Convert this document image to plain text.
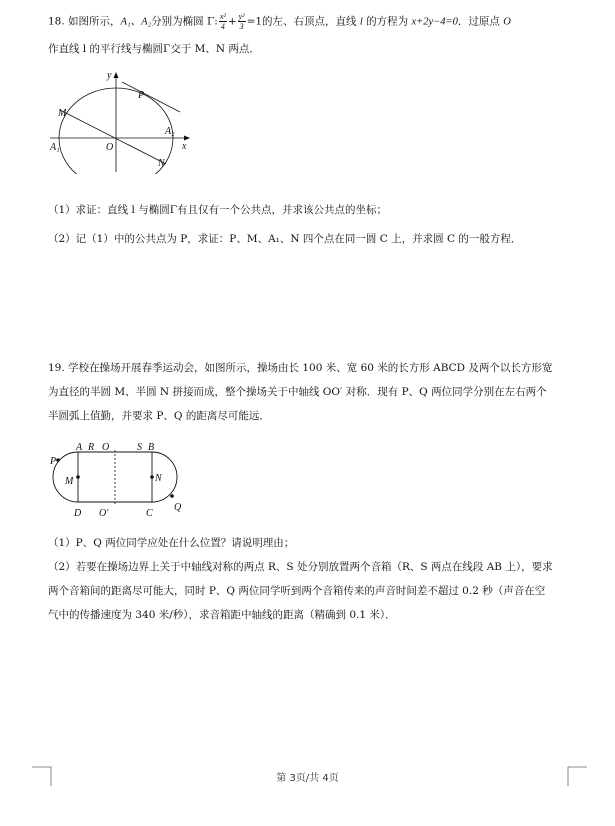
18. 如图所示，A₁、A₂分别为椭圆 Γ: $\frac{\text{x²}}{4} + \frac{\text{y²}}{3} =1$的左、右顶点，直线 l 的方程为 x+2y−4=0．过原点 O
作直线 l 的平行线与椭圆Γ交于 M、N 两点．
y
P
M
A₂
x
A₁	O
N
（1）求证：直线 l 与椭圆Γ有且仅有一个公共点，并求该公共点的坐标；
（2）记（1）中的公共点为 P，求证：P、M、A₁、N 四个点在同一圆 C 上，并求圆 C 的一般方程．
19. 学校在操场开展春季运动会，如图所示，操场由长 100 米、宽 60 米的长方形 ABCD 及两个以长方形宽
为直径的半圆 M、半圆 N 拼接而成，整个操场关于中轴线 OO′ 对称．现有 P、Q 两位同学分别在左右两个
半圆弧上值勤，并要求 P、Q 的距离尽可能远．
A R O	S B
P
M	N
D O′	C
Q
（1）P、Q 两位同学应处在什么位置？请说明理由；
（2）若要在操场边界上关于中轴线对称的两点 R、S 处分别放置两个音箱（R、S 两点在线段 AB 上），要求
两个音箱间的距离尽可能大，同时 P、Q 两位同学听到两个音箱传来的声音时间差不超过 0.2 秒（声音在空
气中的传播速度为 340 米/秒），求音箱距中轴线的距离（精确到 0.1 米）．
第 3页/共 4页
